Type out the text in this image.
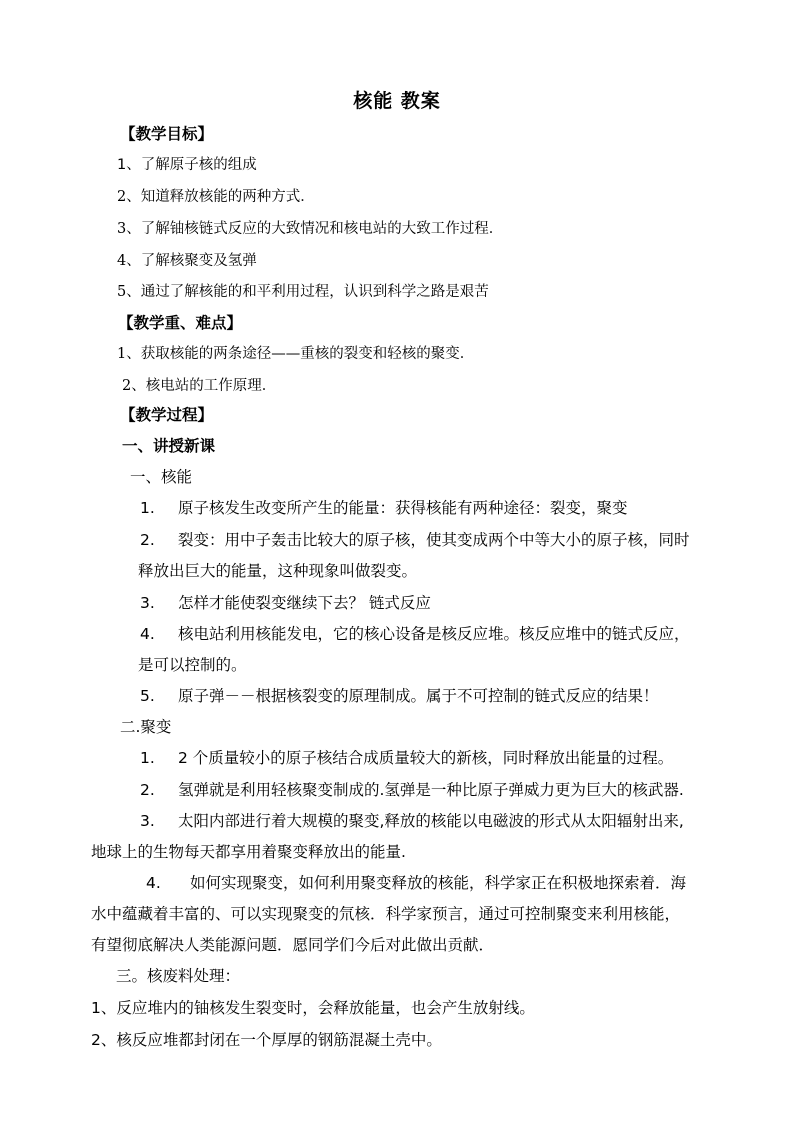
核能 教案
【教学目标】
1、了解原子核的组成
2、知道释放核能的两种方式．
3、了解铀核链式反应的大致情况和核电站的大致工作过程．
4、了解核聚变及氢弹
5、通过了解核能的和平利用过程，认识到科学之路是艰苦
【教学重、难点】
1、获取核能的两条途径——重核的裂变和轻核的聚变．
2、核电站的工作原理．
【教学过程】
一、讲授新课
一、核能
1. 原子核发生改变所产生的能量：获得核能有两种途径：裂变，聚变
2. 裂变：用中子轰击比较大的原子核，使其变成两个中等大小的原子核，同时
释放出巨大的能量，这种现象叫做裂变。
3. 怎样才能使裂变继续下去？ 链式反应
4. 核电站利用核能发电，它的核心设备是核反应堆。核反应堆中的链式反应，
是可以控制的。
5. 原子弹－－根据核裂变的原理制成。属于不可控制的链式反应的结果！
二.聚变
1. 2 个质量较小的原子核结合成质量较大的新核，同时释放出能量的过程。
2. 氢弹就是利用轻核聚变制成的.氢弹是一种比原子弹威力更为巨大的核武器.
3. 太阳内部进行着大规模的聚变,释放的核能以电磁波的形式从太阳辐射出来,
地球上的生物每天都享用着聚变释放出的能量.
4. 如何实现聚变，如何利用聚变释放的核能，科学家正在积极地探索着．海
水中蕴藏着丰富的、可以实现聚变的氘核．科学家预言，通过可控制聚变来利用核能，
有望彻底解决人类能源问题．愿同学们今后对此做出贡献．
三。核废料处理：
1、反应堆内的铀核发生裂变时，会释放能量，也会产生放射线。
2、核反应堆都封闭在一个厚厚的钢筋混凝土壳中。
